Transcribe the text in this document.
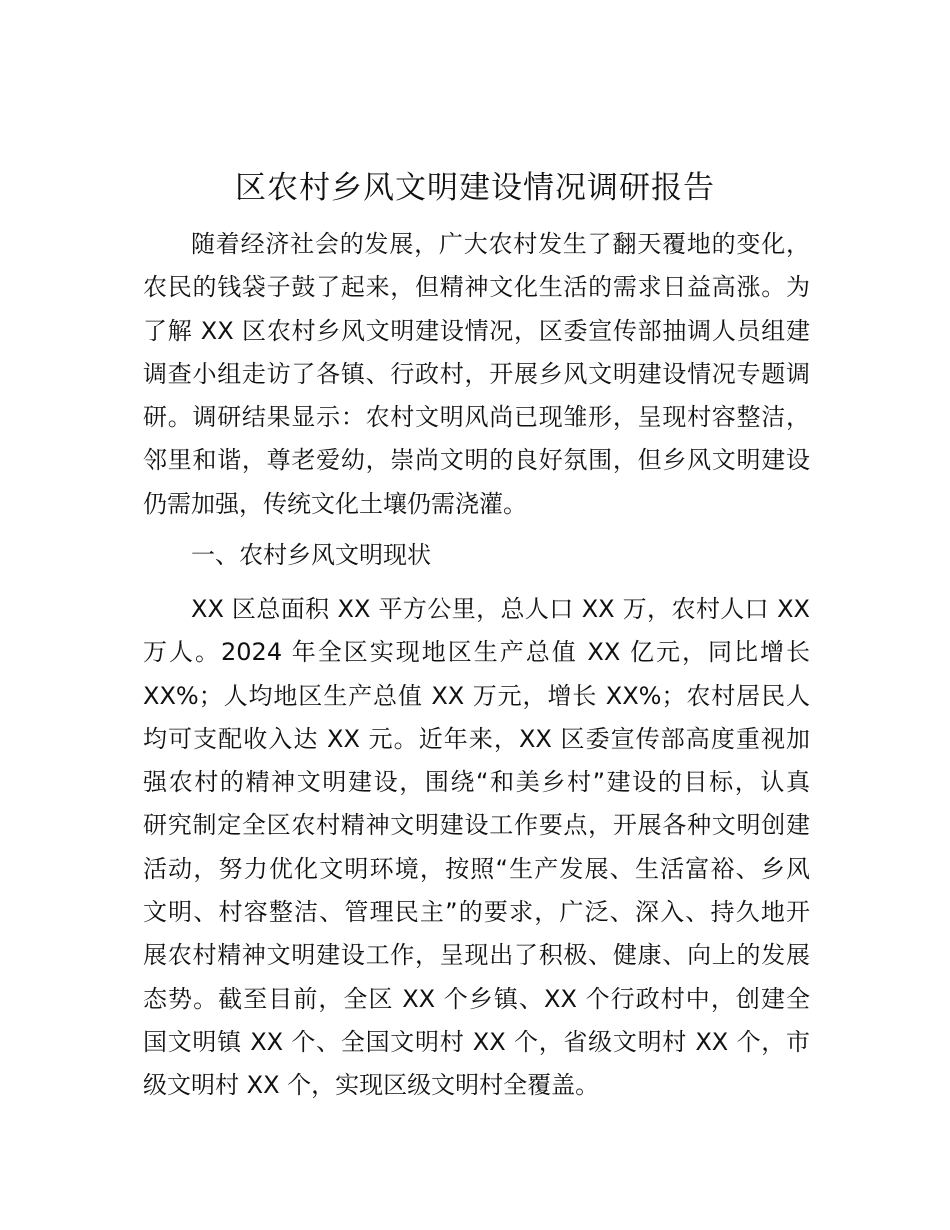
区农村乡风文明建设情况调研报告
随着经济社会的发展，广大农村发生了翻天覆地的变化，
农民的钱袋子鼓了起来，但精神文化生活的需求日益高涨。为
了解 XX 区农村乡风文明建设情况，区委宣传部抽调人员组建
调查小组走访了各镇、行政村，开展乡风文明建设情况专题调
研。调研结果显示：农村文明风尚已现雏形，呈现村容整洁，
邻里和谐，尊老爱幼，崇尚文明的良好氛围，但乡风文明建设
仍需加强，传统文化土壤仍需浇灌。
一、农村乡风文明现状
XX 区总面积 XX 平方公里，总人口 XX 万，农村人口 XX
万人。2024 年全区实现地区生产总值 XX 亿元，同比增长
XX%；人均地区生产总值 XX 万元，增长 XX%；农村居民人
均可支配收入达 XX 元。近年来，XX 区委宣传部高度重视加
强农村的精神文明建设，围绕“和美乡村”建设的目标，认真
研究制定全区农村精神文明建设工作要点，开展各种文明创建
活动，努力优化文明环境，按照“生产发展、生活富裕、乡风
文明、村容整洁、管理民主”的要求，广泛、深入、持久地开
展农村精神文明建设工作，呈现出了积极、健康、向上的发展
态势。截至目前，全区 XX 个乡镇、XX 个行政村中，创建全
国文明镇 XX 个、全国文明村 XX 个，省级文明村 XX 个，市
级文明村 XX 个，实现区级文明村全覆盖。
